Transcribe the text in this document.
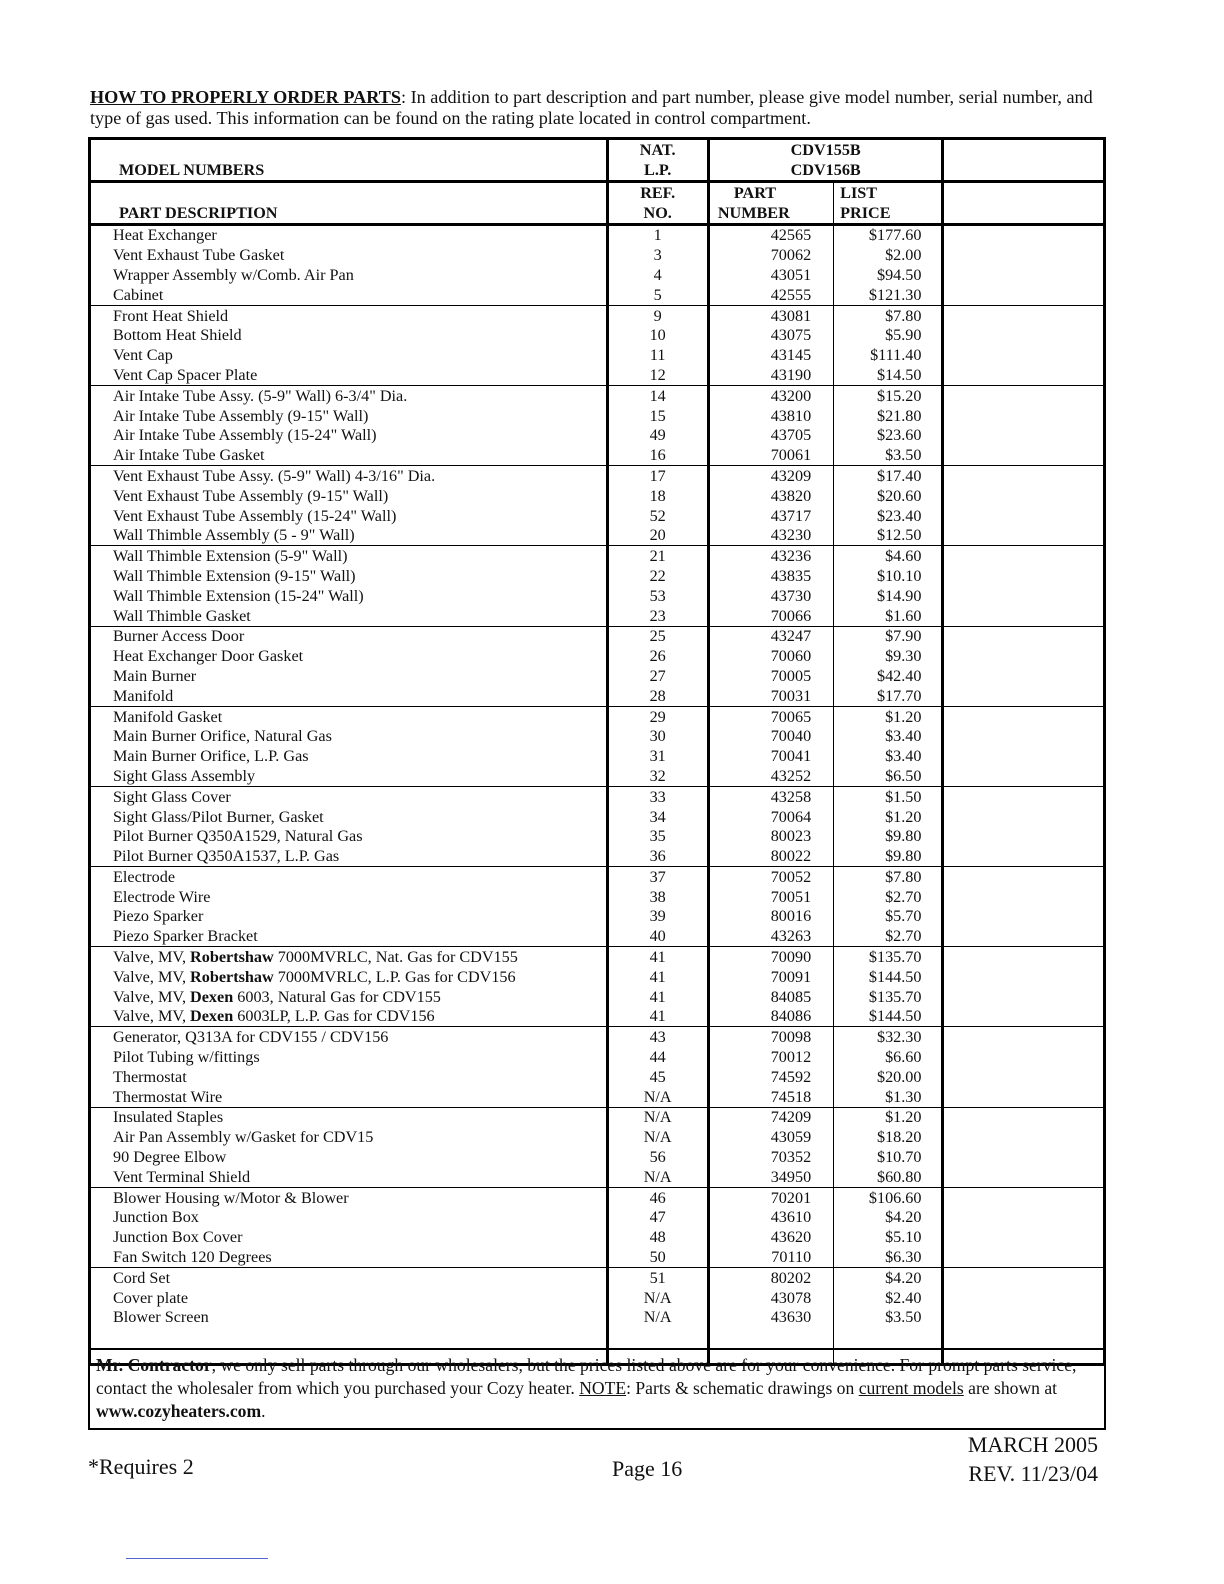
HOW TO PROPERLY ORDER PARTS: In addition to part description and part number, please give model number, serial number, and type of gas used. This information can be found on the rating plate located in control compartment.
	NAT.	CDV155B		
MODEL NUMBERS	L.P.	CDV156B		
	REF.	PART	LIST	
PART DESCRIPTION	NO.	NUMBER	PRICE	
Heat Exchanger	1	42565	$177.60	
Vent Exhaust Tube Gasket	3	70062	$2.00	
Wrapper Assembly w/Comb. Air Pan	4	43051	$94.50	
Cabinet	5	42555	$121.30	
Front Heat Shield	9	43081	$7.80	
Bottom Heat Shield	10	43075	$5.90	
Vent Cap	11	43145	$111.40	
Vent Cap Spacer Plate	12	43190	$14.50	
Air Intake Tube Assy. (5-9" Wall) 6-3/4" Dia.	14	43200	$15.20	
Air Intake Tube Assembly (9-15" Wall)	15	43810	$21.80	
Air Intake Tube Assembly (15-24" Wall)	49	43705	$23.60	
Air Intake Tube Gasket	16	70061	$3.50	
Vent Exhaust Tube Assy. (5-9" Wall) 4-3/16" Dia.	17	43209	$17.40	
Vent Exhaust Tube Assembly (9-15" Wall)	18	43820	$20.60	
Vent Exhaust Tube Assembly (15-24" Wall)	52	43717	$23.40	
Wall Thimble Assembly (5 - 9" Wall)	20	43230	$12.50	
Wall Thimble Extension (5-9" Wall)	21	43236	$4.60	
Wall Thimble Extension (9-15" Wall)	22	43835	$10.10	
Wall Thimble Extension (15-24" Wall)	53	43730	$14.90	
Wall Thimble Gasket	23	70066	$1.60	
Burner Access Door	25	43247	$7.90	
Heat Exchanger Door Gasket	26	70060	$9.30	
Main Burner	27	70005	$42.40	
Manifold	28	70031	$17.70	
Manifold Gasket	29	70065	$1.20	
Main Burner Orifice, Natural Gas	30	70040	$3.40	
Main Burner Orifice, L.P. Gas	31	70041	$3.40	
Sight Glass Assembly	32	43252	$6.50	
Sight Glass Cover	33	43258	$1.50	
Sight Glass/Pilot Burner, Gasket	34	70064	$1.20	
Pilot Burner Q350A1529, Natural Gas	35	80023	$9.80	
Pilot Burner Q350A1537, L.P. Gas	36	80022	$9.80	
Electrode	37	70052	$7.80	
Electrode Wire	38	70051	$2.70	
Piezo Sparker	39	80016	$5.70	
Piezo Sparker Bracket	40	43263	$2.70	
Valve, MV, Robertshaw 7000MVRLC, Nat. Gas for CDV155	41	70090	$135.70	
Valve, MV, Robertshaw 7000MVRLC, L.P. Gas for CDV156	41	70091	$144.50	
Valve, MV, Dexen 6003, Natural Gas for CDV155	41	84085	$135.70	
Valve, MV, Dexen 6003LP, L.P. Gas for CDV156	41	84086	$144.50	
Generator, Q313A for CDV155 / CDV156	43	70098	$32.30	
Pilot Tubing w/fittings	44	70012	$6.60	
Thermostat	45	74592	$20.00	
Thermostat Wire	N/A	74518	$1.30	
Insulated Staples	N/A	74209	$1.20	
Air Pan Assembly w/Gasket for CDV15	N/A	43059	$18.20	
90 Degree Elbow	56	70352	$10.70	
Vent Terminal Shield	N/A	34950	$60.80	
Blower Housing w/Motor & Blower	46	70201	$106.60	
Junction Box	47	43610	$4.20	
Junction Box Cover	48	43620	$5.10	
Fan Switch 120 Degrees	50	70110	$6.30	
Cord Set	51	80202	$4.20	
Cover plate	N/A	43078	$2.40	
Blower Screen	N/A	43630	$3.50	

Mr. Contractor, we only sell parts through our wholesalers, but the prices listed above are for your convenience. For prompt parts service, contact the wholesaler from which you purchased your Cozy heater. NOTE: Parts & schematic drawings on current models are shown at www.cozyheaters.com.
*Requires 2	Page 16
MARCH 2005
REV. 11/23/04
